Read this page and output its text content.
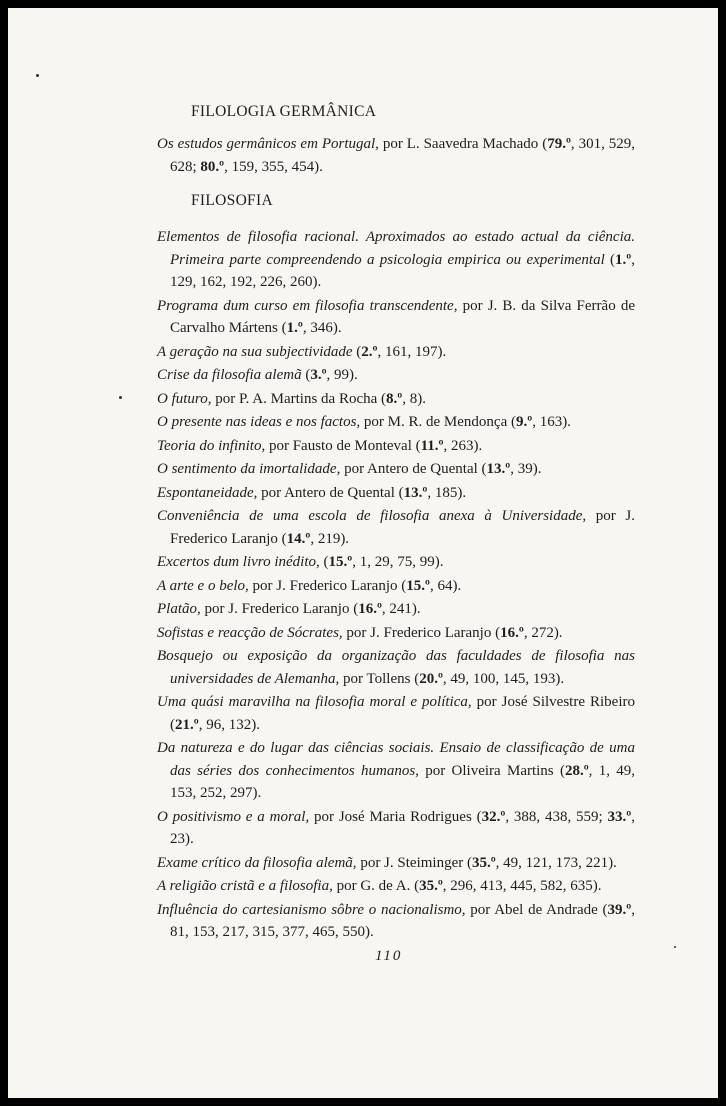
FILOLOGIA GERMÂNICA

Os estudos germânicos em Portugal, por L. Saavedra Machado (79.º, 301, 529, 628; 80.º, 159, 355, 454).

FILOSOFIA

Elementos de filosofia racional. Aproximados ao estado actual da ciência. Primeira parte compreendendo a psicologia empirica ou experimental (1.º, 129, 162, 192, 226, 260).

Programa dum curso em filosofia transcendente, por J. B. da Silva Ferrão de Carvalho Mártens (1.º, 346).

A geração na sua subjectividade (2.º, 161, 197).

Crise da filosofia alemã (3.º, 99).

O futuro, por P. A. Martins da Rocha (8.º, 8).

O presente nas ideas e nos factos, por M. R. de Mendonça (9.º, 163).

Teoria do infinito, por Fausto de Monteval (11.º, 263).

O sentimento da imortalidade, por Antero de Quental (13.º, 39).

Espontaneidade, por Antero de Quental (13.º, 185).

Conveniência de uma escola de filosofia anexa à Universidade, por J. Frederico Laranjo (14.º, 219).

Excertos dum livro inédito, (15.º, 1, 29, 75, 99).

A arte e o belo, por J. Frederico Laranjo (15.º, 64).

Platão, por J. Frederico Laranjo (16.º, 241).

Sofistas e reacção de Sócrates, por J. Frederico Laranjo (16.º, 272).

Bosquejo ou exposição da organização das faculdades de filosofia nas universidades de Alemanha, por Tollens (20.º, 49, 100, 145, 193).

Uma quási maravilha na filosofia moral e política, por José Silvestre Ribeiro (21.º, 96, 132).

Da natureza e do lugar das ciências sociais. Ensaio de classificação de uma das séries dos conhecimentos humanos, por Oliveira Martins (28.º, 1, 49, 153, 252, 297).

O positivismo e a moral, por José Maria Rodrigues (32.º, 388, 438, 559; 33.º, 23).

Exame crítico da filosofia alemã, por J. Steiminger (35.º, 49, 121, 173, 221).

A religião cristã e a filosofia, por G. de A. (35.º, 296, 413, 445, 582, 635).

Influência do cartesianismo sôbre o nacionalismo, por Abel de Andrade (39.º, 81, 153, 217, 315, 377, 465, 550).

110
